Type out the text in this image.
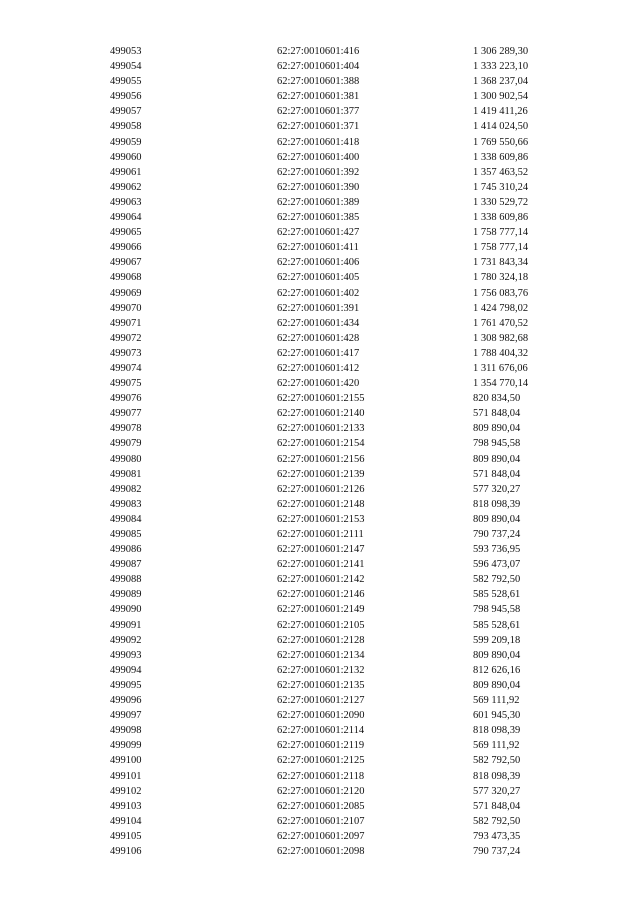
499053	62:27:0010601:416	1 306 289,30
499054	62:27:0010601:404	1 333 223,10
499055	62:27:0010601:388	1 368 237,04
499056	62:27:0010601:381	1 300 902,54
499057	62:27:0010601:377	1 419 411,26
499058	62:27:0010601:371	1 414 024,50
499059	62:27:0010601:418	1 769 550,66
499060	62:27:0010601:400	1 338 609,86
499061	62:27:0010601:392	1 357 463,52
499062	62:27:0010601:390	1 745 310,24
499063	62:27:0010601:389	1 330 529,72
499064	62:27:0010601:385	1 338 609,86
499065	62:27:0010601:427	1 758 777,14
499066	62:27:0010601:411	1 758 777,14
499067	62:27:0010601:406	1 731 843,34
499068	62:27:0010601:405	1 780 324,18
499069	62:27:0010601:402	1 756 083,76
499070	62:27:0010601:391	1 424 798,02
499071	62:27:0010601:434	1 761 470,52
499072	62:27:0010601:428	1 308 982,68
499073	62:27:0010601:417	1 788 404,32
499074	62:27:0010601:412	1 311 676,06
499075	62:27:0010601:420	1 354 770,14
499076	62:27:0010601:2155	820 834,50
499077	62:27:0010601:2140	571 848,04
499078	62:27:0010601:2133	809 890,04
499079	62:27:0010601:2154	798 945,58
499080	62:27:0010601:2156	809 890,04
499081	62:27:0010601:2139	571 848,04
499082	62:27:0010601:2126	577 320,27
499083	62:27:0010601:2148	818 098,39
499084	62:27:0010601:2153	809 890,04
499085	62:27:0010601:2111	790 737,24
499086	62:27:0010601:2147	593 736,95
499087	62:27:0010601:2141	596 473,07
499088	62:27:0010601:2142	582 792,50
499089	62:27:0010601:2146	585 528,61
499090	62:27:0010601:2149	798 945,58
499091	62:27:0010601:2105	585 528,61
499092	62:27:0010601:2128	599 209,18
499093	62:27:0010601:2134	809 890,04
499094	62:27:0010601:2132	812 626,16
499095	62:27:0010601:2135	809 890,04
499096	62:27:0010601:2127	569 111,92
499097	62:27:0010601:2090	601 945,30
499098	62:27:0010601:2114	818 098,39
499099	62:27:0010601:2119	569 111,92
499100	62:27:0010601:2125	582 792,50
499101	62:27:0010601:2118	818 098,39
499102	62:27:0010601:2120	577 320,27
499103	62:27:0010601:2085	571 848,04
499104	62:27:0010601:2107	582 792,50
499105	62:27:0010601:2097	793 473,35
499106	62:27:0010601:2098	790 737,24
